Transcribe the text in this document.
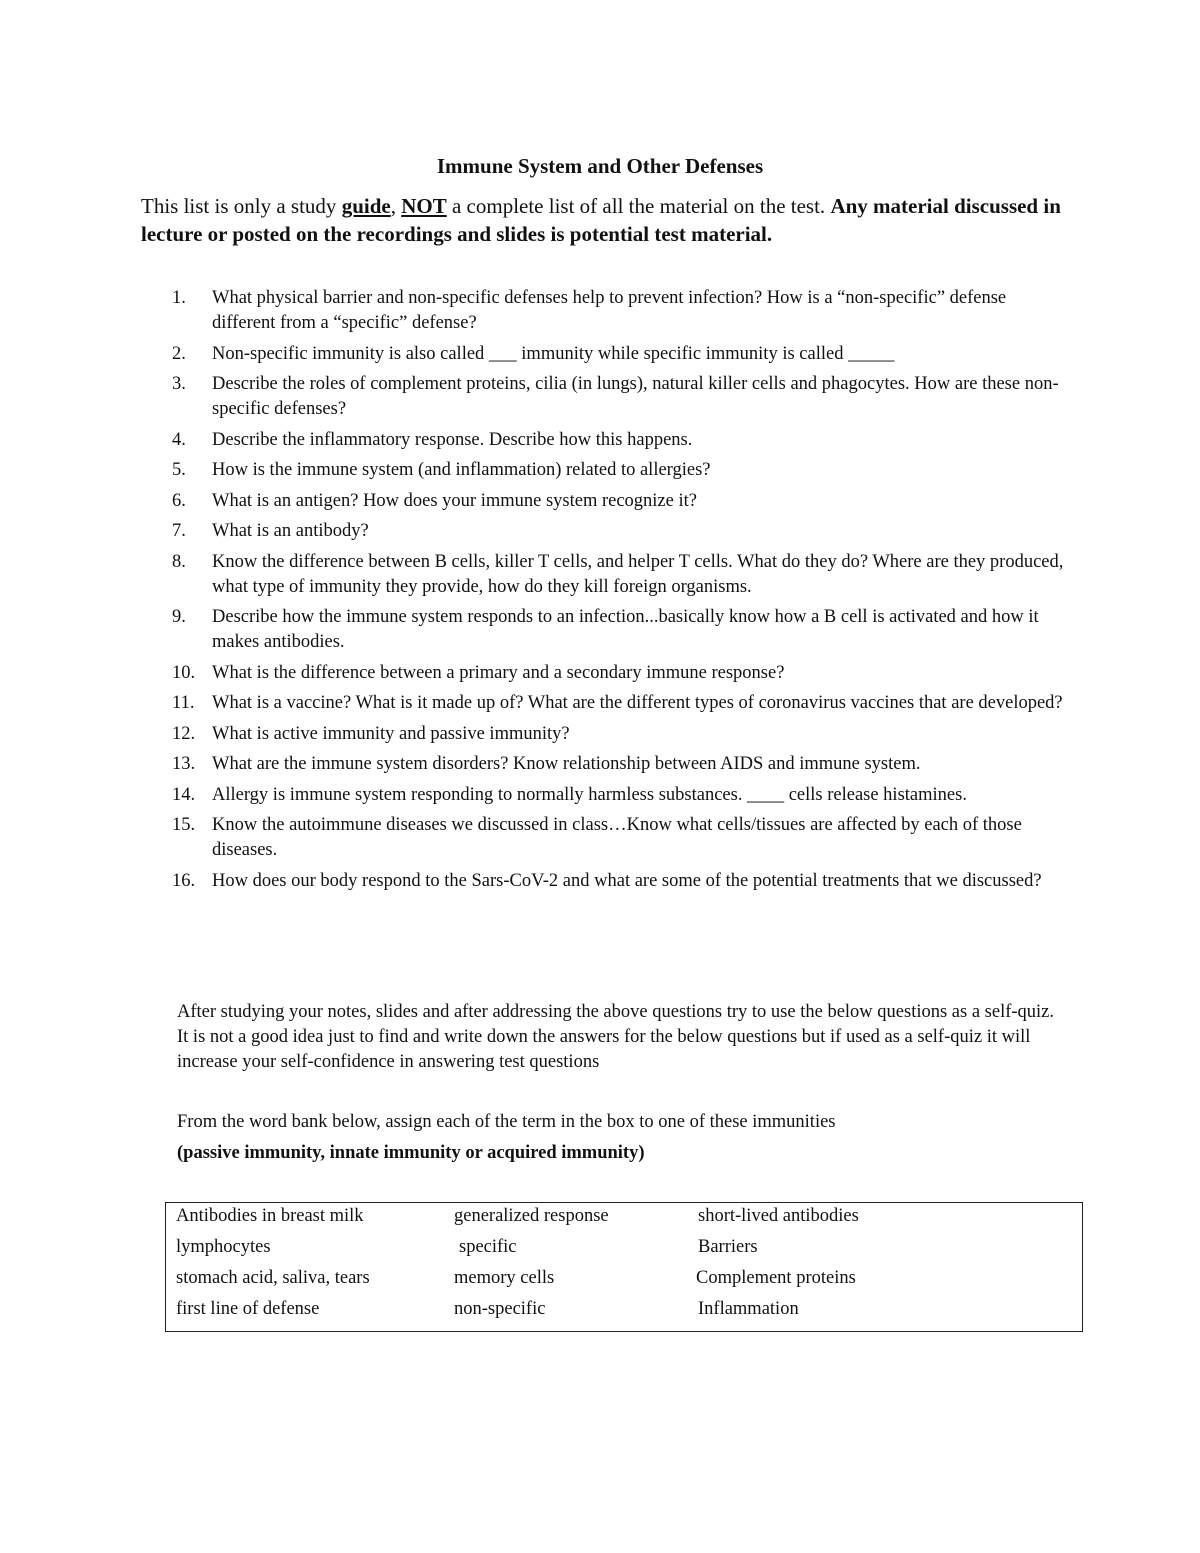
Immune System and Other Defenses
This list is only a study guide, NOT a complete list of all the material on the test. Any material discussed in lecture or posted on the recordings and slides is potential test material.
1. What physical barrier and non-specific defenses help to prevent infection? How is a “non-specific” defense different from a “specific” defense?
2. Non-specific immunity is also called ___ immunity while specific immunity is called _____
3. Describe the roles of complement proteins, cilia (in lungs), natural killer cells and phagocytes. How are these non-specific defenses?
4. Describe the inflammatory response. Describe how this happens.
5. How is the immune system (and inflammation) related to allergies?
6. What is an antigen? How does your immune system recognize it?
7. What is an antibody?
8. Know the difference between B cells, killer T cells, and helper T cells. What do they do? Where are they produced, what type of immunity they provide, how do they kill foreign organisms.
9. Describe how the immune system responds to an infection...basically know how a B cell is activated and how it makes antibodies.
10. What is the difference between a primary and a secondary immune response?
11. What is a vaccine? What is it made up of? What are the different types of coronavirus vaccines that are developed?
12. What is active immunity and passive immunity?
13. What are the immune system disorders? Know relationship between AIDS and immune system.
14. Allergy is immune system responding to normally harmless substances. ____ cells release histamines.
15. Know the autoimmune diseases we discussed in class…Know what cells/tissues are affected by each of those diseases.
16. How does our body respond to the Sars-CoV-2 and what are some of the potential treatments that we discussed?
After studying your notes, slides and after addressing the above questions try to use the below questions as a self-quiz. It is not a good idea just to find and write down the answers for the below questions but if used as a self-quiz it will increase your self-confidence in answering test questions
From the word bank below, assign each of the term in the box to one of these immunities
(passive immunity, innate immunity or acquired immunity)
Antibodies in breast milk	generalized response	short-lived antibodies
lymphocytes	specific	Barriers
stomach acid, saliva, tears	memory cells	Complement proteins
first line of defense	non-specific	Inflammation
